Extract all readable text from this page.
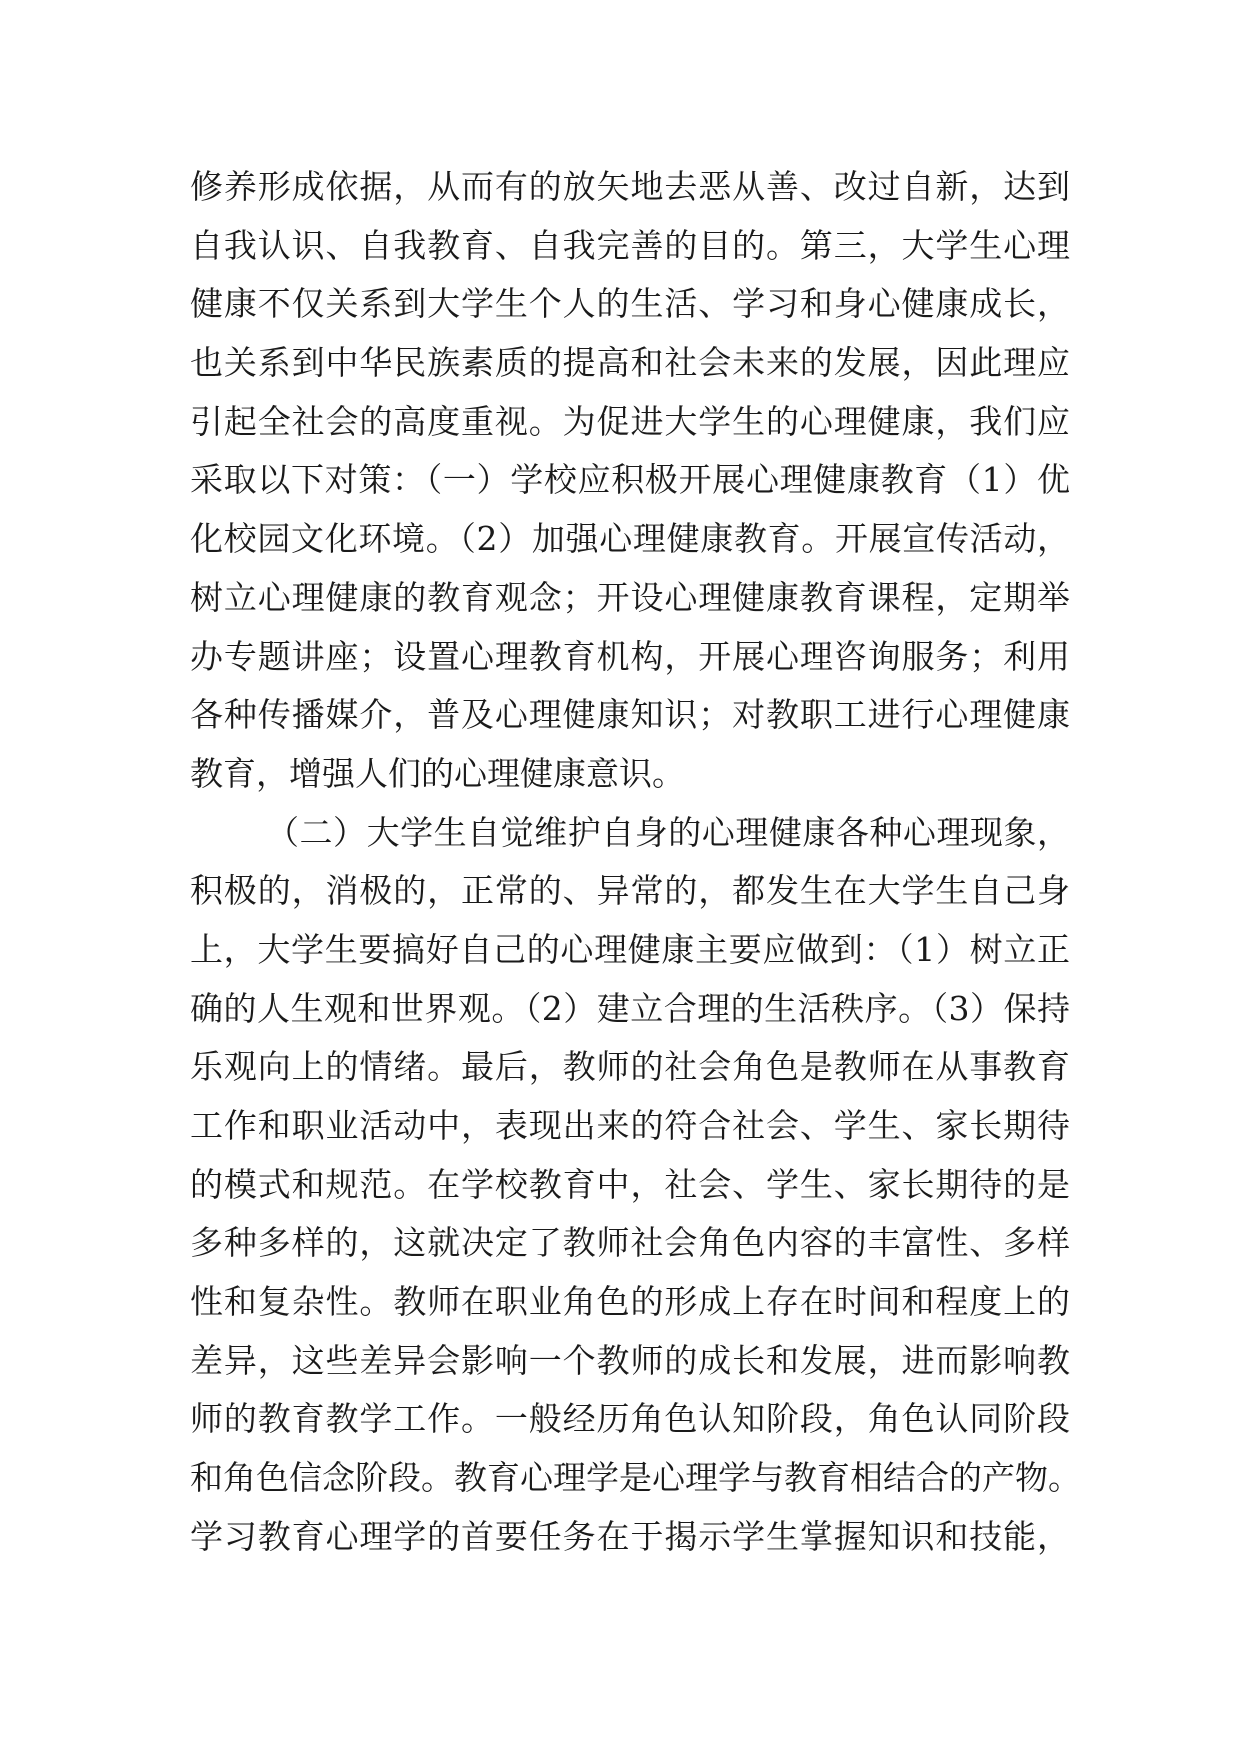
修养形成依据，从而有的放矢地去恶从善、改过自新，达到
自我认识、自我教育、自我完善的目的。第三，大学生心理
健康不仅关系到大学生个人的生活、学习和身心健康成长，
也关系到中华民族素质的提高和社会未来的发展，因此理应
引起全社会的高度重视。为促进大学生的心理健康，我们应
采取以下对策：（一）学校应积极开展心理健康教育（1）优
化校园文化环境。（2）加强心理健康教育。开展宣传活动，
树立心理健康的教育观念；开设心理健康教育课程，定期举
办专题讲座；设置心理教育机构，开展心理咨询服务；利用
各种传播媒介，普及心理健康知识；对教职工进行心理健康
教育，增强人们的心理健康意识。
（二）大学生自觉维护自身的心理健康各种心理现象，
积极的，消极的，正常的、异常的，都发生在大学生自己身
上，大学生要搞好自己的心理健康主要应做到：（1）树立正
确的人生观和世界观。（2）建立合理的生活秩序。（3）保持
乐观向上的情绪。最后，教师的社会角色是教师在从事教育
工作和职业活动中，表现出来的符合社会、学生、家长期待
的模式和规范。在学校教育中，社会、学生、家长期待的是
多种多样的，这就决定了教师社会角色内容的丰富性、多样
性和复杂性。教师在职业角色的形成上存在时间和程度上的
差异，这些差异会影响一个教师的成长和发展，进而影响教
师的教育教学工作。一般经历角色认知阶段，角色认同阶段
和角色信念阶段。教育心理学是心理学与教育相结合的产物。
学习教育心理学的首要任务在于揭示学生掌握知识和技能，
